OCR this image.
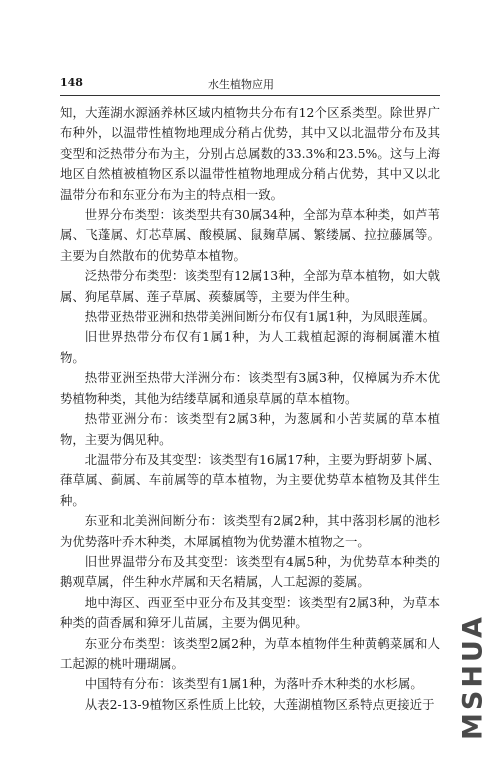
148	水生植物应用

知，大莲湖水源涵养林区域内植物共分布有12个区系类型。除世界广布种外，以温带性植物地理成分稍占优势，其中又以北温带分布及其变型和泛热带分布为主，分别占总属数的33.3%和23.5%。这与上海地区自然植被植物区系以温带性植物地理成分稍占优势，其中又以北温带分布和东亚分布为主的特点相一致。

世界分布类型：该类型共有30属34种，全部为草本种类，如芦苇属、飞蓬属、灯芯草属、酸模属、鼠麹草属、繁缕属、拉拉藤属等。主要为自然散布的优势草本植物。

泛热带分布类型：该类型有12属13种，全部为草本植物，如大戟属、狗尾草属、莲子草属、蒺藜属等，主要为伴生种。

热带亚热带亚洲和热带美洲间断分布仅有1属1种，为凤眼莲属。

旧世界热带分布仅有1属1种，为人工栽植起源的海桐属灌木植物。

热带亚洲至热带大洋洲分布：该类型有3属3种，仅樟属为乔木优势植物种类，其他为结缕草属和通泉草属的草本植物。

热带亚洲分布：该类型有2属3种，为葱属和小苦荬属的草本植物，主要为偶见种。

北温带分布及其变型：该类型有16属17种，主要为野胡萝卜属、葎草属、蓟属、车前属等的草本植物，为主要优势草本植物及其伴生种。

东亚和北美洲间断分布：该类型有2属2种，其中落羽杉属的池杉为优势落叶乔木种类，木犀属植物为优势灌木植物之一。

旧世界温带分布及其变型：该类型有4属5种，为优势草本种类的鹅观草属，伴生种水芹属和天名精属，人工起源的菱属。

地中海区、西亚至中亚分布及其变型：该类型有2属3种，为草本种类的茴香属和獐牙儿苗属，主要为偶见种。

东亚分布类型：该类型2属2种，为草本植物伴生种黄鹌菜属和人工起源的桃叶珊瑚属。

中国特有分布：该类型有1属1种，为落叶乔木种类的水杉属。

从表2-13-9植物区系性质上比较，大莲湖植物区系特点更接近于 MSHUA
